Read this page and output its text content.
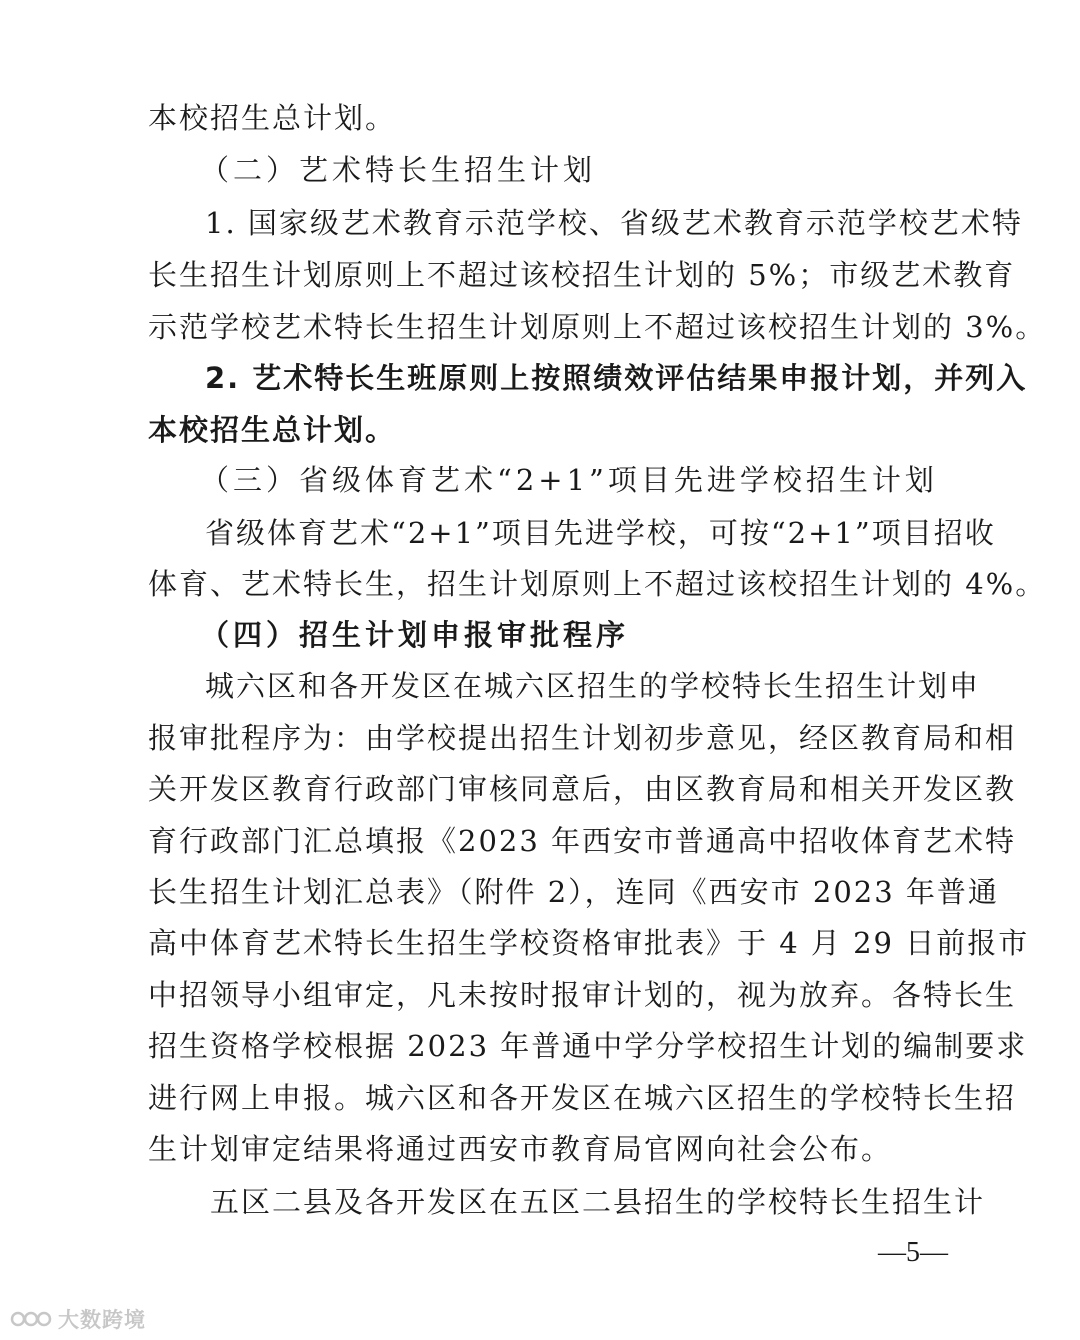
本校招生总计划。
（二）艺术特长生招生计划
1. 国家级艺术教育示范学校、省级艺术教育示范学校艺术特
长生招生计划原则上不超过该校招生计划的 5%；市级艺术教育
示范学校艺术特长生招生计划原则上不超过该校招生计划的 3%。
2. 艺术特长生班原则上按照绩效评估结果申报计划，并列入
本校招生总计划。
（三）省级体育艺术“2+1”项目先进学校招生计划
省级体育艺术“2+1”项目先进学校，可按“2+1”项目招收
体育、艺术特长生，招生计划原则上不超过该校招生计划的 4%。
（四）招生计划申报审批程序
城六区和各开发区在城六区招生的学校特长生招生计划申
报审批程序为：由学校提出招生计划初步意见，经区教育局和相
关开发区教育行政部门审核同意后，由区教育局和相关开发区教
育行政部门汇总填报《2023 年西安市普通高中招收体育艺术特
长生招生计划汇总表》（附件 2），连同《西安市 2023 年普通
高中体育艺术特长生招生学校资格审批表》于 4 月 29 日前报市
中招领导小组审定，凡未按时报审计划的，视为放弃。各特长生
招生资格学校根据 2023 年普通中学分学校招生计划的编制要求
进行网上申报。城六区和各开发区在城六区招生的学校特长生招
生计划审定结果将通过西安市教育局官网向社会公布。
五区二县及各开发区在五区二县招生的学校特长生招生计
—5—
大数跨境
